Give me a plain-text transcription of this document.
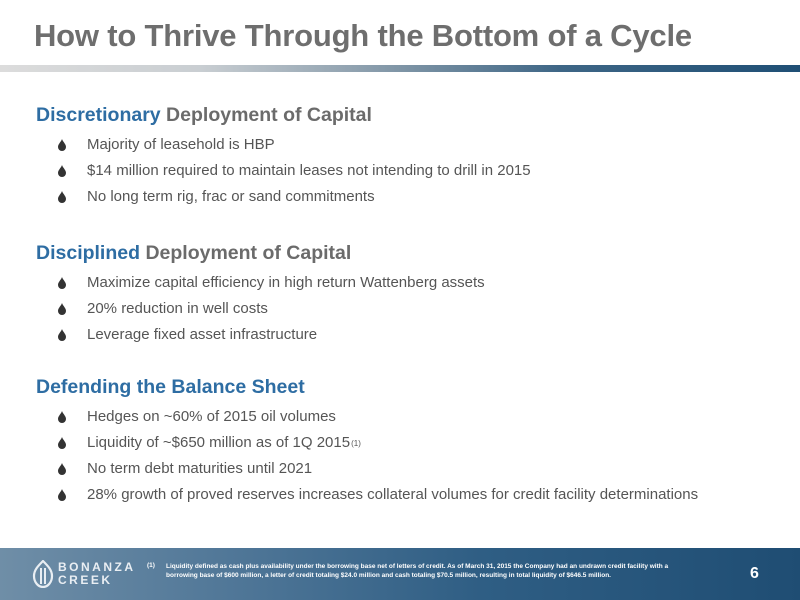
How to Thrive Through the Bottom of a Cycle
Discretionary Deployment of Capital
Majority of leasehold is HBP
$14 million required to maintain leases not intending to drill in 2015
No long term rig, frac or sand commitments
Disciplined Deployment of Capital
Maximize capital efficiency in high return Wattenberg assets
20% reduction in well costs
Leverage fixed asset infrastructure
Defending the Balance Sheet
Hedges on ~60% of 2015 oil volumes
Liquidity of ~$650 million as of 1Q 2015$^{(1)}$
No term debt maturities until 2021
28% growth of proved reserves increases collateral volumes for credit facility determinations
BONANZA
CREEK
(1) Liquidity defined as cash plus availability under the borrowing base net of letters of credit. As of March 31, 2015 the Company had an undrawn credit facility with a borrowing base of $600 million, a letter of credit totaling $24.0 million and cash totaling $70.5 million, resulting in total liquidity of $646.5 million.	6
